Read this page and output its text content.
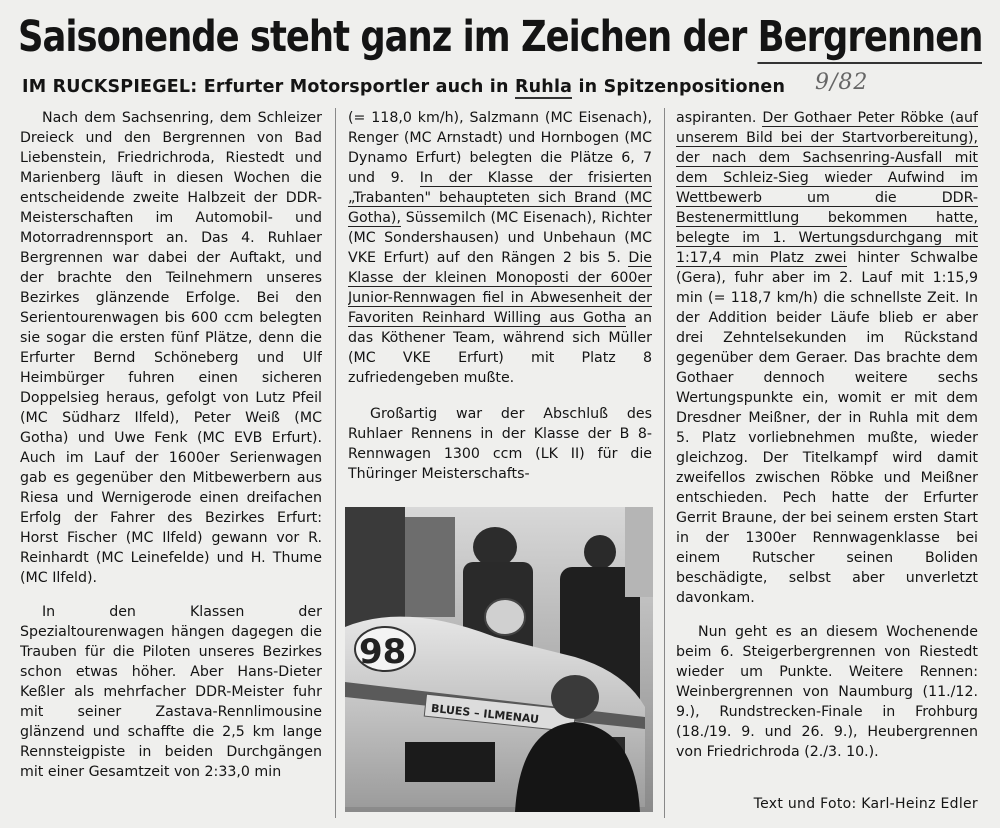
Saisonende steht ganz im Zeichen der Bergrennen
IM RUCKSPIEGEL: Erfurter Motorsportler auch in Ruhla in Spitzenpositionen	9/82

Nach dem Sachsenring, dem Schleizer Dreieck und den Bergrennen von Bad Liebenstein, Friedrichroda, Riestedt und Marienberg läuft in diesen Wochen die entscheidende zweite Halbzeit der DDR-Meisterschaften im Automobil- und Motorradrennsport an. Das 4. Ruhlaer Bergrennen war dabei der Auftakt, und der brachte den Teilnehmern unseres Bezirkes glänzende Erfolge. Bei den Serientourenwagen bis 600 ccm belegten sie sogar die ersten fünf Plätze, denn die Erfurter Bernd Schöneberg und Ulf Heimbürger fuhren einen sicheren Doppelsieg heraus, gefolgt von Lutz Pfeil (MC Südharz Ilfeld), Peter Weiß (MC Gotha) und Uwe Fenk (MC EVB Erfurt). Auch im Lauf der 1600er Serienwagen gab es gegenüber den Mitbewerbern aus Riesa und Wernigerode einen dreifachen Erfolg der Fahrer des Bezirkes Erfurt: Horst Fischer (MC Ilfeld) gewann vor R. Reinhardt (MC Leinefelde) und H. Thume (MC Ilfeld).

In den Klassen der Spezialtourenwagen hängen dagegen die Trauben für die Piloten unseres Bezirkes schon etwas höher. Aber Hans-Dieter Keßler als mehrfacher DDR-Meister fuhr mit seiner Zastava-Rennlimousine glänzend und schaffte die 2,5 km lange Rennsteigpiste in beiden Durchgängen mit einer Gesamtzeit von 2:33,0 min

(= 118,0 km/h), Salzmann (MC Eisenach), Renger (MC Arnstadt) und Hornbogen (MC Dynamo Erfurt) belegten die Plätze 6, 7 und 9. In der Klasse der frisierten „Trabanten" behaupteten sich Brand (MC Gotha), Süssemilch (MC Eisenach), Richter (MC Sondershausen) und Unbehaun (MC VKE Erfurt) auf den Rängen 2 bis 5. Die Klasse der kleinen Monoposti der 600er Junior-Rennwagen fiel in Abwesenheit der Favoriten Reinhard Willing aus Gotha an das Köthener Team, während sich Müller (MC VKE Erfurt) mit Platz 8 zufriedengeben mußte.

Großartig war der Abschluß des Ruhlaer Rennens in der Klasse der B 8-Rennwagen 1300 ccm (LK II) für die Thüringer Meisterschafts-

98
BLUES – ILMENAU

aspiranten. Der Gothaer Peter Röbke (auf unserem Bild bei der Startvorbereitung), der nach dem Sachsenring-Ausfall mit dem Schleiz-Sieg wieder Aufwind im Wettbewerb um die DDR-Bestenermittlung bekommen hatte, belegte im 1. Wertungsdurchgang mit 1:17,4 min Platz zwei hinter Schwalbe (Gera), fuhr aber im 2. Lauf mit 1:15,9 min (= 118,7 km/h) die schnellste Zeit. In der Addition beider Läufe blieb er aber drei Zehntelsekunden im Rückstand gegenüber dem Geraer. Das brachte dem Gothaer dennoch weitere sechs Wertungspunkte ein, womit er mit dem Dresdner Meißner, der in Ruhla mit dem 5. Platz vorliebnehmen mußte, wieder gleichzog. Der Titelkampf wird damit zweifellos zwischen Röbke und Meißner entschieden. Pech hatte der Erfurter Gerrit Braune, der bei seinem ersten Start in der 1300er Rennwagenklasse bei einem Rutscher seinen Boliden beschädigte, selbst aber unverletzt davonkam.

Nun geht es an diesem Wochenende beim 6. Steigerbergrennen von Riestedt wieder um Punkte. Weitere Rennen: Weinbergrennen von Naumburg (11./12. 9.), Rundstrecken-Finale in Frohburg (18./19. 9. und 26. 9.), Heubergrennen von Friedrichroda (2./3. 10.).

Text und Foto: Karl-Heinz Edler
